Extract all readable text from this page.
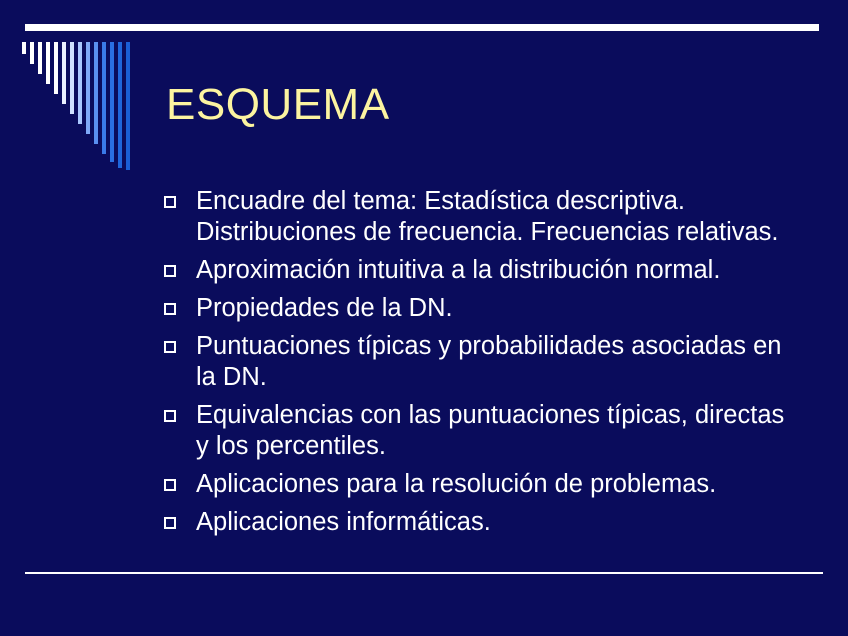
ESQUEMA
Encuadre del tema: Estadística descriptiva. Distribuciones de frecuencia. Frecuencias relativas.
Aproximación intuitiva a la distribución normal.
Propiedades de la DN.
Puntuaciones típicas y probabilidades asociadas en la DN.
Equivalencias con las puntuaciones típicas, directas y los percentiles.
Aplicaciones para la resolución de problemas.
Aplicaciones informáticas.
